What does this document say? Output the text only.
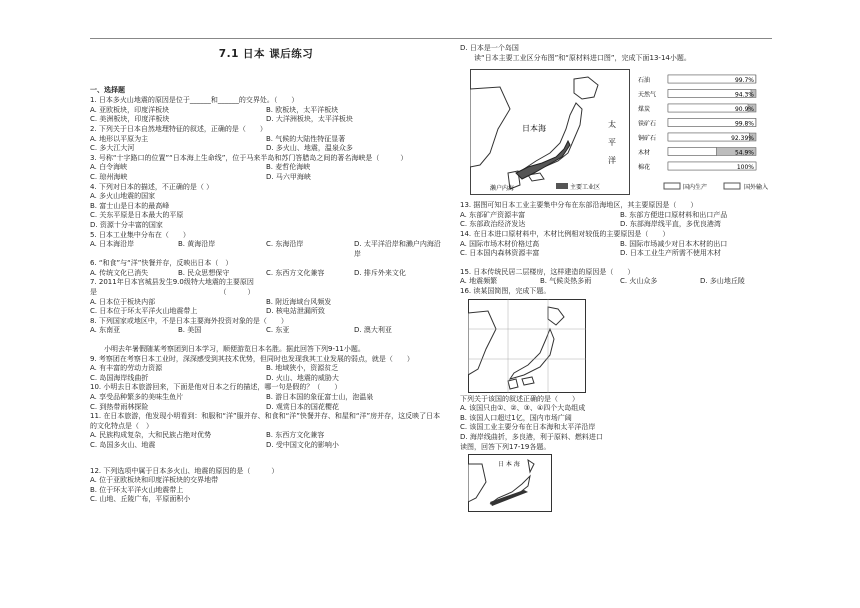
7.1 日本 课后练习
一、选择题
1. 日本多火山地震的原因是位于______和______的交界处。（　　）
A. 亚欧板块，印度洋板块	B. 欧板块，太平洋板块
C. 美洲板块，印度洋板块	D. 大洋洲板块，太平洋板块
2. 下列关于日本自然地理特征的叙述，正确的是（　　）
A. 地形以平原为主	B. 气候的大陆性特征显著
C. 多大江大河	D. 多火山、地震，温泉众多
3. 号称“十字路口的位置”“日本海上生命线”，位于马来半岛和苏门答腊岛之间的著名海峡是（　　　）
A. 白令海峡	B. 麦哲伦海峡
C. 琼州海峡	D. 马六甲海峡
4. 下列对日本的描述，不正确的是（ ）
A. 多火山地震的国家
B. 富士山是日本的最高峰
C. 关东平原是日本最大的平原
D. 资源十分丰富的国家
5. 日本工业集中分布在（　　）
A. 日本海沿岸	B. 黄海沿岸	C. 东海沿岸	D. 太平洋沿岸和濑户内海沿岸
6. “和食”与“洋”快餐并存，反映出日本（　）
A. 传统文化已消失	B. 民众思想保守	C. 东西方文化兼容	D. 排斥外来文化
7. 2011年日本宫城县发生9.0级特大地震的主要原因
是　　　　　　　　　　　　　　　　　　（　　　）
A. 日本位于板块内部	B. 附近海域台风频发
C. 日本位于环太平洋火山地震带上	D. 核电站泄漏所致
8. 下列国家或地区中，不是日本主要海外投资对象的是（　　）
A. 东南亚	B. 美国	C. 东亚	D. 澳大利亚
　　小明去年暑假随某考察团到日本学习，顺便游览日本名胜。据此回答下列9-11小题。
9. 考察团在考察日本工业时，深深感受到其技术优势，但同时也发现我其工业发展的弱点，就是（　　）
A. 有丰富的劳动力资源	B. 地域狭小，资源贫乏
C. 岛国海岸线曲折	D. 火山、地震的威胁大
10. 小明去日本旅游回来，下面是他对日本之行的描述，哪一句是假的？（　　）
A. 享受品种繁多的美味生鱼片	B. 游日本国的象征富士山，泡温泉
C. 到热带雨林探险	D. 观赏日本的国花樱花
11. 在日本旅游，他发现小明看到：和服和“洋”服并存、和食和“洋”快餐并存、和屋和“洋”房并存，这反映了日本的文化特点是（　）
A. 民族构成复杂，大和民族占绝对优势	B. 东西方文化兼容
C. 岛国多火山、地震	D. 受中国文化的影响小
12. 下列选项中属于日本多火山、地震的原因的是（　　　）
A. 位于亚欧板块和印度洋板块的交界地带
B. 位于环太平洋火山地震带上
C. 山地、丘陵广布，平原面积小
D. 日本是一个岛国
　　读“日本主要工业区分布图”和“原材料进口图”，完成下面13-14小题。
日本海	太
平
洋
濑户内海	主要工业区
石油	99.7%
天然气	94.3%
煤炭	90.9%
铁矿石	99.8%
铜矿石	92.39%
木材	54.9%
棉花	100%
国内生产	国外输入
13. 据图可知日本工业主要集中分布在东部沿海地区，其主要原因是（　　）
A. 东部矿产资源丰富	B. 东部方便进口原材料和出口产品
C. 东部政治经济发达	D. 东部海岸线平直，多优良港湾
14. 在日本进口原材料中，木材比例相对较低的主要原因是（　　）
A. 国际市场木材价格过高	B. 国际市场减少对日本木材的出口
C. 日本国内森林资源丰富	D. 日本工业生产所需不使用木材
15. 日本传统民居二层楼房，这样建造的原因是（　　）
A. 地震频繁	B. 气候炎热多雨	C. 火山众多	D. 多山地丘陵
16. 读某国简图，完成下题。
下列关于该国的叙述正确的是（　　）
A. 该国只由①、②、③、④四个大岛组成
B. 该国人口超过1亿，国内市场广阔
C. 该国工业主要分布在日本海和太平洋沿岸
D. 海岸线曲折，多良港，利于原料、燃料进口
读图，回答下列17-19各题。
日 本 海
